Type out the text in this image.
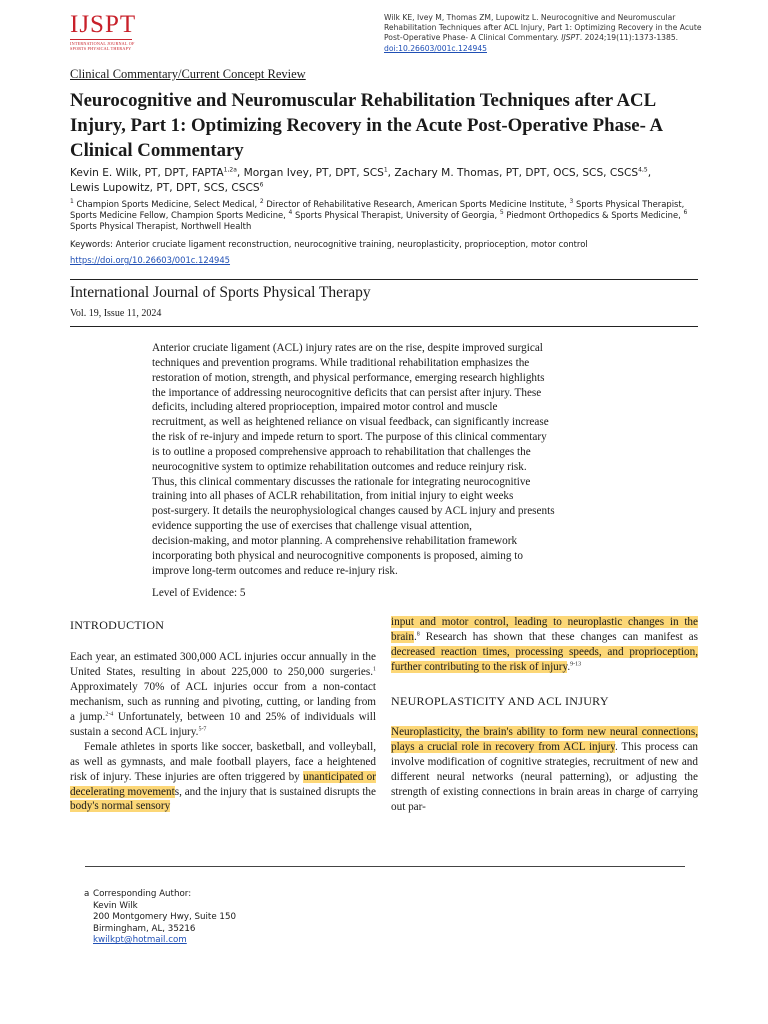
IJSPT
INTERNATIONAL JOURNAL OF
SPORTS PHYSICAL THERAPY
Wilk KE, Ivey M, Thomas ZM, Lupowitz L. Neurocognitive and Neuromuscular Rehabilitation Techniques after ACL Injury, Part 1: Optimizing Recovery in the Acute Post-Operative Phase- A Clinical Commentary. IJSPT. 2024;19(11):1373-1385.
doi:10.26603/001c.124945
Clinical Commentary/Current Concept Review
Neurocognitive and Neuromuscular Rehabilitation Techniques after ACL Injury, Part 1: Optimizing Recovery in the Acute Post-Operative Phase- A Clinical Commentary
Kevin E. Wilk, PT, DPT, $FAPTA^{1,2a}$, Morgan Ivey, PT, DPT, SCS$^1$, Zachary M. Thomas, PT, DPT, OCS, SCS, CSCS$^{4,5}$,
Lewis Lupowitz, PT, DPT, SCS, CSCS$^6$
$^1$ Champion Sports Medicine, Select Medical, $^2$ Director of Rehabilitative Research, American Sports Medicine Institute, $^3$ Sports Physical Therapist, Sports Medicine Fellow, Champion Sports Medicine, $^4$ Sports Physical Therapist, University of Georgia, $^5$ Piedmont Orthopedics & Sports Medicine, $^6$ Sports Physical Therapist, Northwell Health
Keywords: Anterior cruciate ligament reconstruction, neurocognitive training, neuroplasticity, proprioception, motor control
https://doi.org/10.26603/001c.124945
International Journal of Sports Physical Therapy
Vol. 19, Issue 11, 2024
Anterior cruciate ligament (ACL) injury rates are on the rise, despite improved surgical
techniques and prevention programs. While traditional rehabilitation emphasizes the
restoration of motion, strength, and physical performance, emerging research highlights
the importance of addressing neurocognitive deficits that can persist after injury. These
deficits, including altered proprioception, impaired motor control and muscle
recruitment, as well as heightened reliance on visual feedback, can significantly increase
the risk of re-injury and impede return to sport. The purpose of this clinical commentary
is to outline a proposed comprehensive approach to rehabilitation that challenges the
neurocognitive system to optimize rehabilitation outcomes and reduce reinjury risk.
Thus, this clinical commentary discusses the rationale for integrating neurocognitive
training into all phases of ACLR rehabilitation, from initial injury to eight weeks
post-surgery. It details the neurophysiological changes caused by ACL injury and presents
evidence supporting the use of exercises that challenge visual attention,
decision-making, and motor planning. A comprehensive rehabilitation framework
incorporating both physical and neurocognitive components is proposed, aiming to
improve long-term outcomes and reduce re-injury risk.
Level of Evidence: 5
INTRODUCTION

Each year, an estimated 300,000 ACL injuries occur annually in the United States, resulting in about 225,000 to 250,000 surgeries.$^1$ Approximately 70% of ACL injuries occur from a non-contact mechanism, such as running and pivoting, cutting, or landing from a jump.$^{2-4}$ Unfortunately, between 10 and 25% of individuals will sustain a second ACL injury.$^{5-7}$

Female athletes in sports like soccer, basketball, and volleyball, as well as gymnasts, and male football players, face a heightened risk of injury. These injuries are often triggered by unanticipated or decelerating movements, and the injury that is sustained disrupts the body's normal sensory

input and motor control, leading to neuroplastic changes in the brain.$^8$ Research has shown that these changes can manifest as decreased reaction times, processing speeds, and proprioception, further contributing to the risk of injury.$^{9-13}$

NEUROPLASTICITY AND ACL INJURY

Neuroplasticity, the brain's ability to form new neural connections, plays a crucial role in recovery from ACL injury. This process can involve modification of cognitive strategies, recruitment of new and different neural networks (neural patterning), or adjusting the strength of existing connections in brain areas in charge of carrying out par-

a Corresponding Author:
Kevin Wilk
200 Montgomery Hwy, Suite 150
Birmingham, AL, 35216
kwilkpt@hotmail.com
